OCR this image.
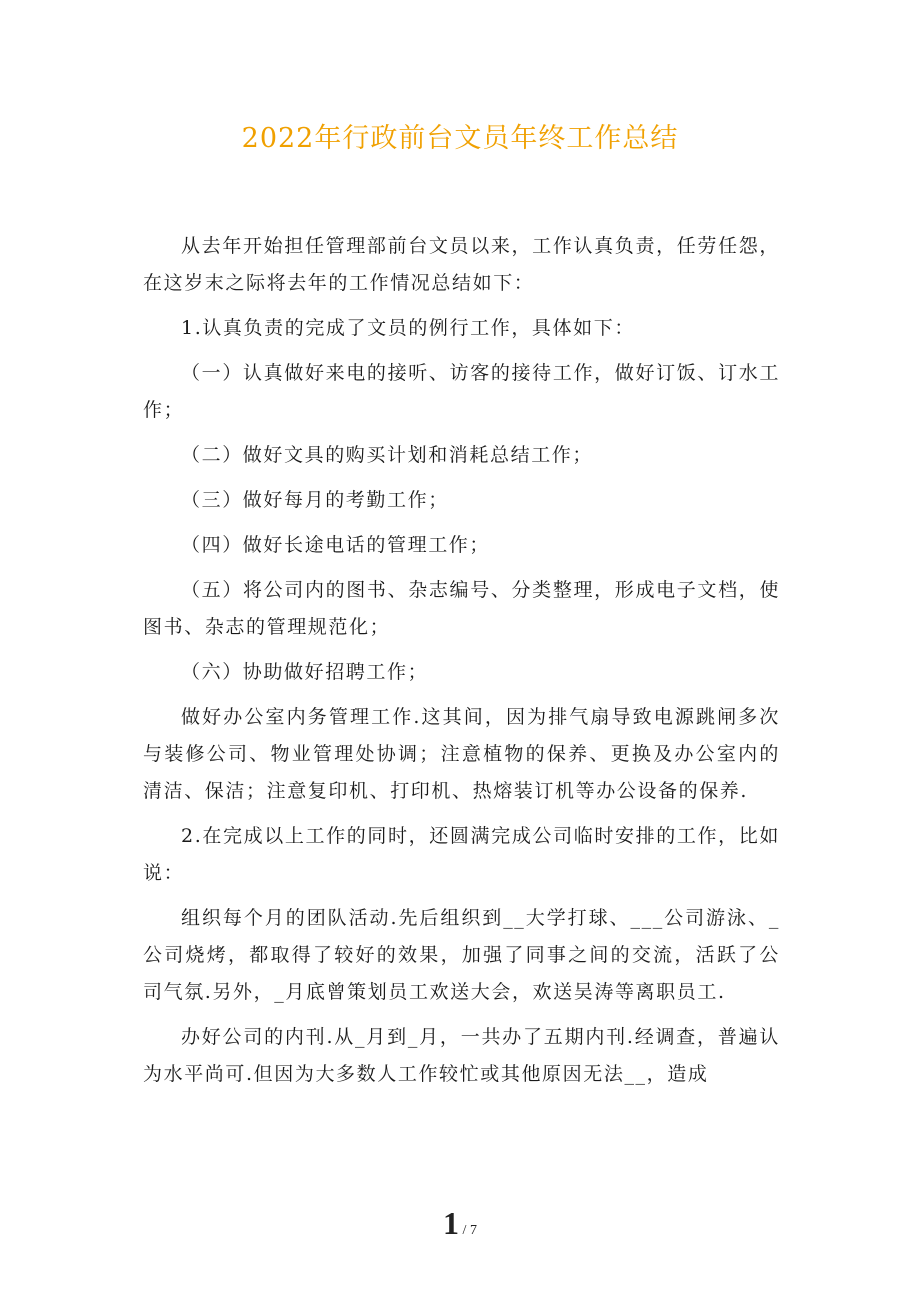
2022年行政前台文员年终工作总结

从去年开始担任管理部前台文员以来，工作认真负责，任劳任怨，在这岁末之际将去年的工作情况总结如下：

1.认真负责的完成了文员的例行工作，具体如下：

（一）认真做好来电的接听、访客的接待工作，做好订饭、订水工作；

（二）做好文具的购买计划和消耗总结工作；

（三）做好每月的考勤工作；

（四）做好长途电话的管理工作；

（五）将公司内的图书、杂志编号、分类整理，形成电子文档，使图书、杂志的管理规范化；

（六）协助做好招聘工作；

做好办公室内务管理工作.这其间，因为排气扇导致电源跳闸多次与装修公司、物业管理处协调；注意植物的保养、更换及办公室内的清洁、保洁；注意复印机、打印机、热熔装订机等办公设备的保养.

2.在完成以上工作的同时，还圆满完成公司临时安排的工作，比如说：

组织每个月的团队活动.先后组织到__大学打球、___公司游泳、_公司烧烤，都取得了较好的效果，加强了同事之间的交流，活跃了公司气氛.另外，_月底曾策划员工欢送大会，欢送吴涛等离职员工.

办好公司的内刊.从_月到_月，一共办了五期内刊.经调查，普遍认为水平尚可.但因为大多数人工作较忙或其他原因无法__，造成

1 / 7
